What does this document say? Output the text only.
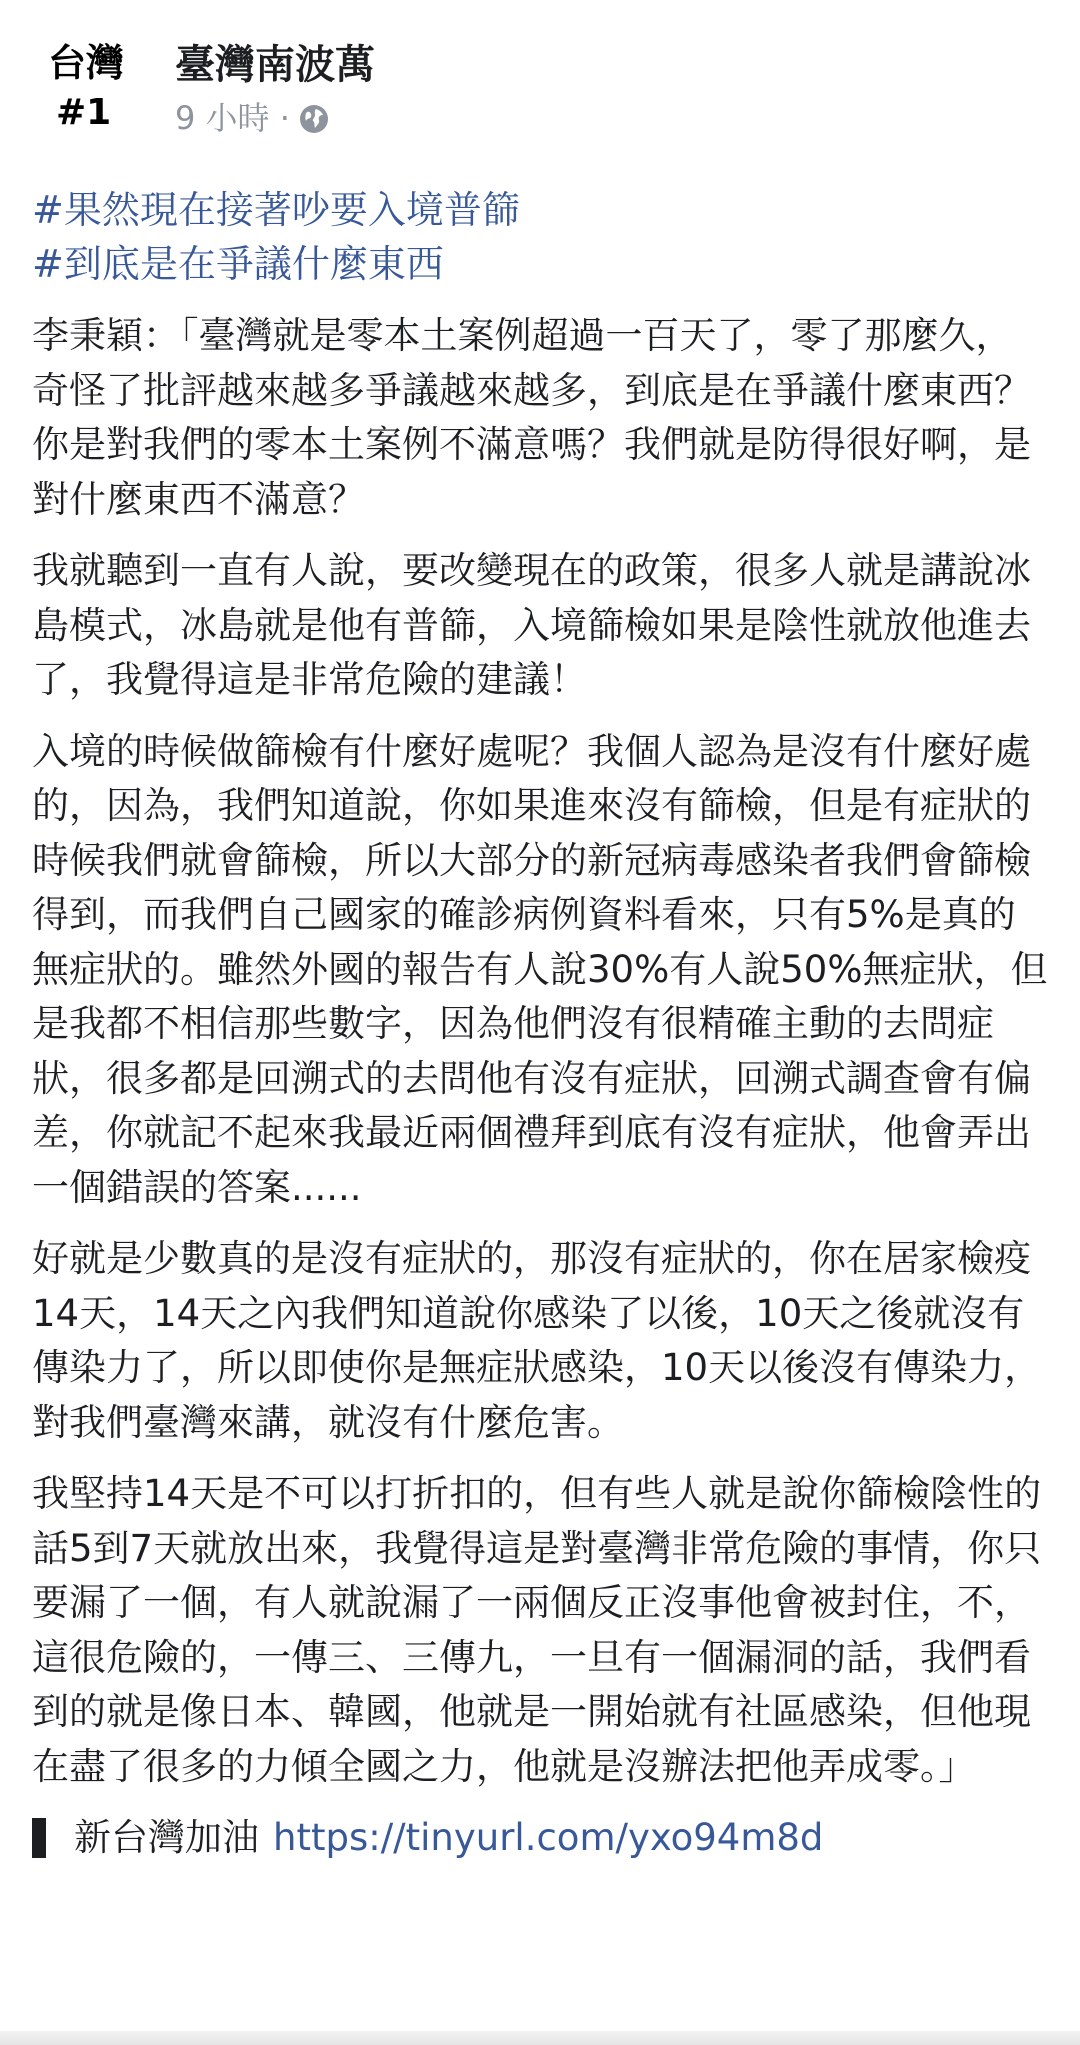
台灣
#1
臺灣南波萬
9 小時 ·
#果然現在接著吵要入境普篩
#到底是在爭議什麼東西

李秉穎：「臺灣就是零本土案例超過一百天了，零了那麼久，奇怪了批評越來越多爭議越來越多，到底是在爭議什麼東西？你是對我們的零本土案例不滿意嗎？我們就是防得很好啊，是對什麼東西不滿意？

我就聽到一直有人說，要改變現在的政策，很多人就是講說冰島模式，冰島就是他有普篩，入境篩檢如果是陰性就放他進去了，我覺得這是非常危險的建議！

入境的時候做篩檢有什麼好處呢？我個人認為是沒有什麼好處的，因為，我們知道說，你如果進來沒有篩檢，但是有症狀的時候我們就會篩檢，所以大部分的新冠病毒感染者我們會篩檢得到，而我們自己國家的確診病例資料看來，只有5%是真的無症狀的。雖然外國的報告有人說30%有人說50%無症狀，但是我都不相信那些數字，因為他們沒有很精確主動的去問症狀，很多都是回溯式的去問他有沒有症狀，回溯式調查會有偏差，你就記不起來我最近兩個禮拜到底有沒有症狀，他會弄出一個錯誤的答案......

好就是少數真的是沒有症狀的，那沒有症狀的，你在居家檢疫14天，14天之內我們知道說你感染了以後，10天之後就沒有傳染力了，所以即使你是無症狀感染，10天以後沒有傳染力，對我們臺灣來講，就沒有什麼危害。

我堅持14天是不可以打折扣的，但有些人就是說你篩檢陰性的話5到7天就放出來，我覺得這是對臺灣非常危險的事情，你只要漏了一個，有人就說漏了一兩個反正沒事他會被封住，不，這很危險的，一傳三、三傳九，一旦有一個漏洞的話，我們看到的就是像日本、韓國，他就是一開始就有社區感染，但他現在盡了很多的力傾全國之力，他就是沒辦法把他弄成零。」

新台灣加油 https://tinyurl.com/yxo94m8d
